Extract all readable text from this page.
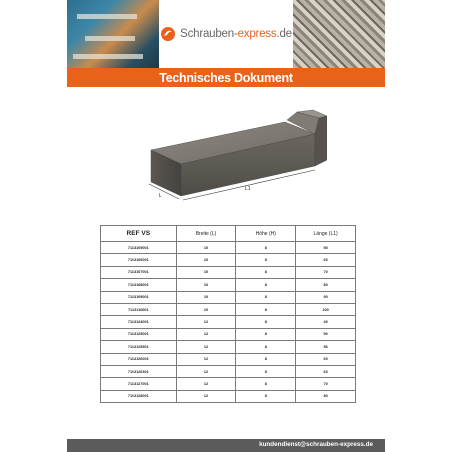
Schrauben-express.de
Technisches Dokument
L
L1
REF VS	Breite (L)	Höhe (H)	Länge (L1)
7113105001	10	8	50
7113106001	10	8	60
7113107001	10	8	70
7113108001	10	8	80
7113109001	10	8	90
7113110001	10	8	100
7113124001	12	8	40
7113125001	12	8	50
7113125501	12	8	56
7113126001	12	8	60
7113126301	12	8	63
7113127001	12	8	70
7113128001	12	8	80
kundendienst@schrauben-express.de
